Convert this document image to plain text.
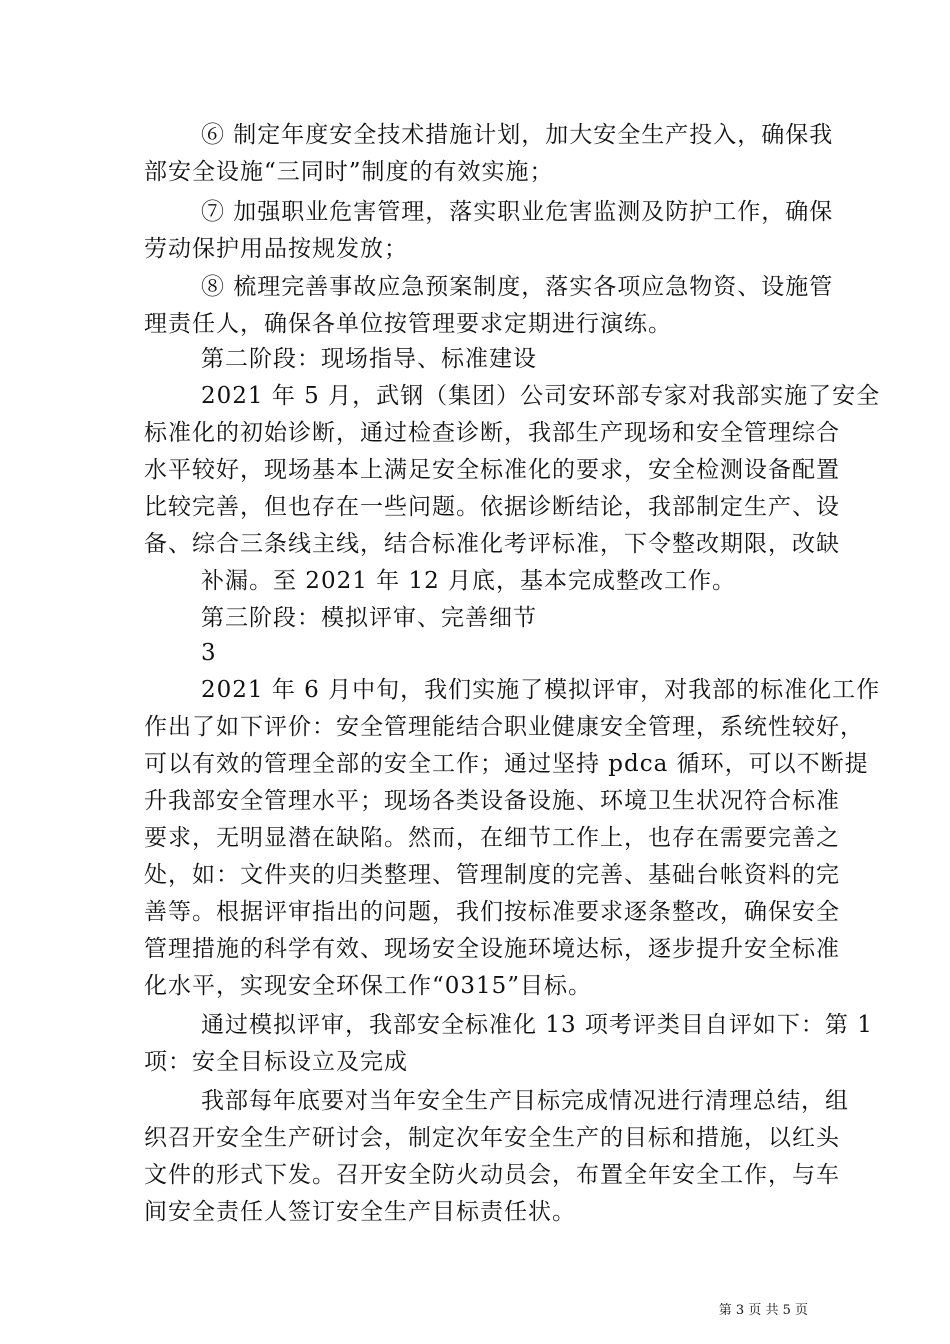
⑥ 制定年度安全技术措施计划，加大安全生产投入，确保我
部安全设施“三同时”制度的有效实施；
⑦ 加强职业危害管理，落实职业危害监测及防护工作，确保
劳动保护用品按规发放；
⑧ 梳理完善事故应急预案制度，落实各项应急物资、设施管
理责任人，确保各单位按管理要求定期进行演练。
第二阶段：现场指导、标准建设
2021 年 5 月，武钢（集团）公司安环部专家对我部实施了安全
标准化的初始诊断，通过检查诊断，我部生产现场和安全管理综合
水平较好，现场基本上满足安全标准化的要求，安全检测设备配置
比较完善，但也存在一些问题。依据诊断结论，我部制定生产、设
备、综合三条线主线，结合标准化考评标准，下令整改期限，改缺
补漏。至 2021 年 12 月底，基本完成整改工作。
第三阶段：模拟评审、完善细节
3
2021 年 6 月中旬，我们实施了模拟评审，对我部的标准化工作
作出了如下评价：安全管理能结合职业健康安全管理，系统性较好，
可以有效的管理全部的安全工作；通过坚持 pdca 循环，可以不断提
升我部安全管理水平；现场各类设备设施、环境卫生状况符合标准
要求，无明显潜在缺陷。然而，在细节工作上，也存在需要完善之
处，如：文件夹的归类整理、管理制度的完善、基础台帐资料的完
善等。根据评审指出的问题，我们按标准要求逐条整改，确保安全
管理措施的科学有效、现场安全设施环境达标，逐步提升安全标准
化水平，实现安全环保工作“0315”目标。
通过模拟评审，我部安全标准化 13 项考评类目自评如下：第 1
项：安全目标设立及完成
我部每年底要对当年安全生产目标完成情况进行清理总结，组
织召开安全生产研讨会，制定次年安全生产的目标和措施，以红头
文件的形式下发。召开安全防火动员会，布置全年安全工作，与车
间安全责任人签订安全生产目标责任状。
第 3 页 共 5 页
